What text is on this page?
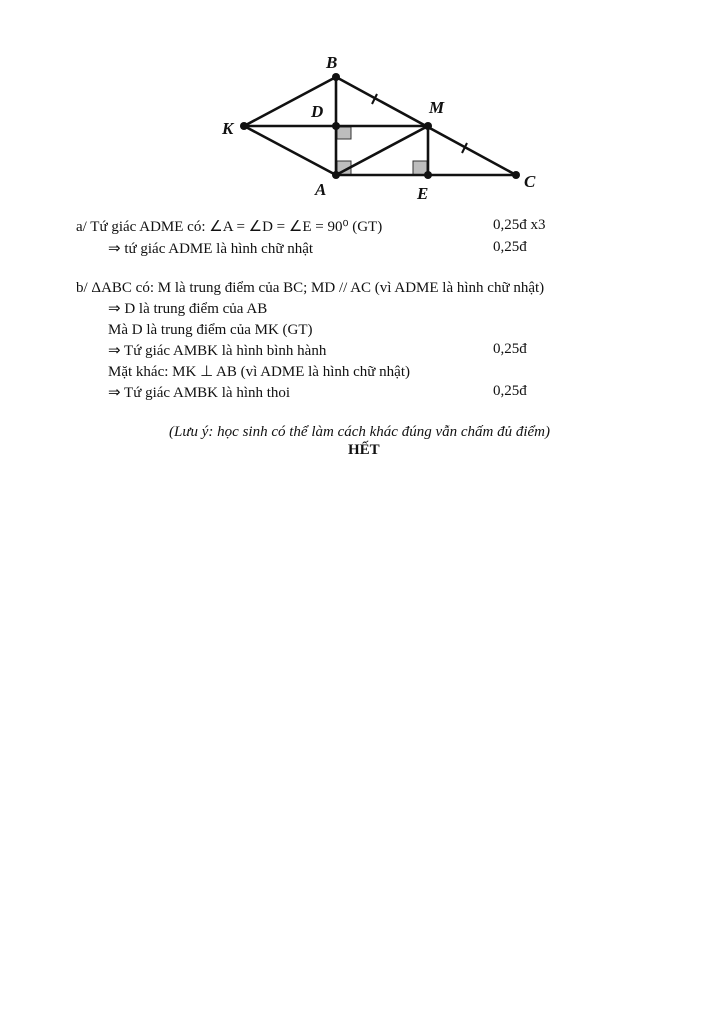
B
D	M
K
A	E
C
a/ Tứ giác ADME có: ∠A = ∠D = ∠E = 90⁰ (GT)	0,25đ x3
⇒ tứ giác ADME là hình chữ nhật	0,25đ
b/ ΔABC có: M là trung điểm của BC; MD // AC (vì ADME là hình chữ nhật)
⇒ D là trung điểm của AB
Mà D là trung điểm của MK (GT)
⇒ Tứ giác AMBK là hình bình hành	0,25đ
Mặt khác: MK ⊥ AB (vì ADME là hình chữ nhật)
⇒ Tứ giác AMBK là hình thoi	0,25đ
(Lưu ý: học sinh có thể làm cách khác đúng vẫn chấm đủ điểm)
HẾT
